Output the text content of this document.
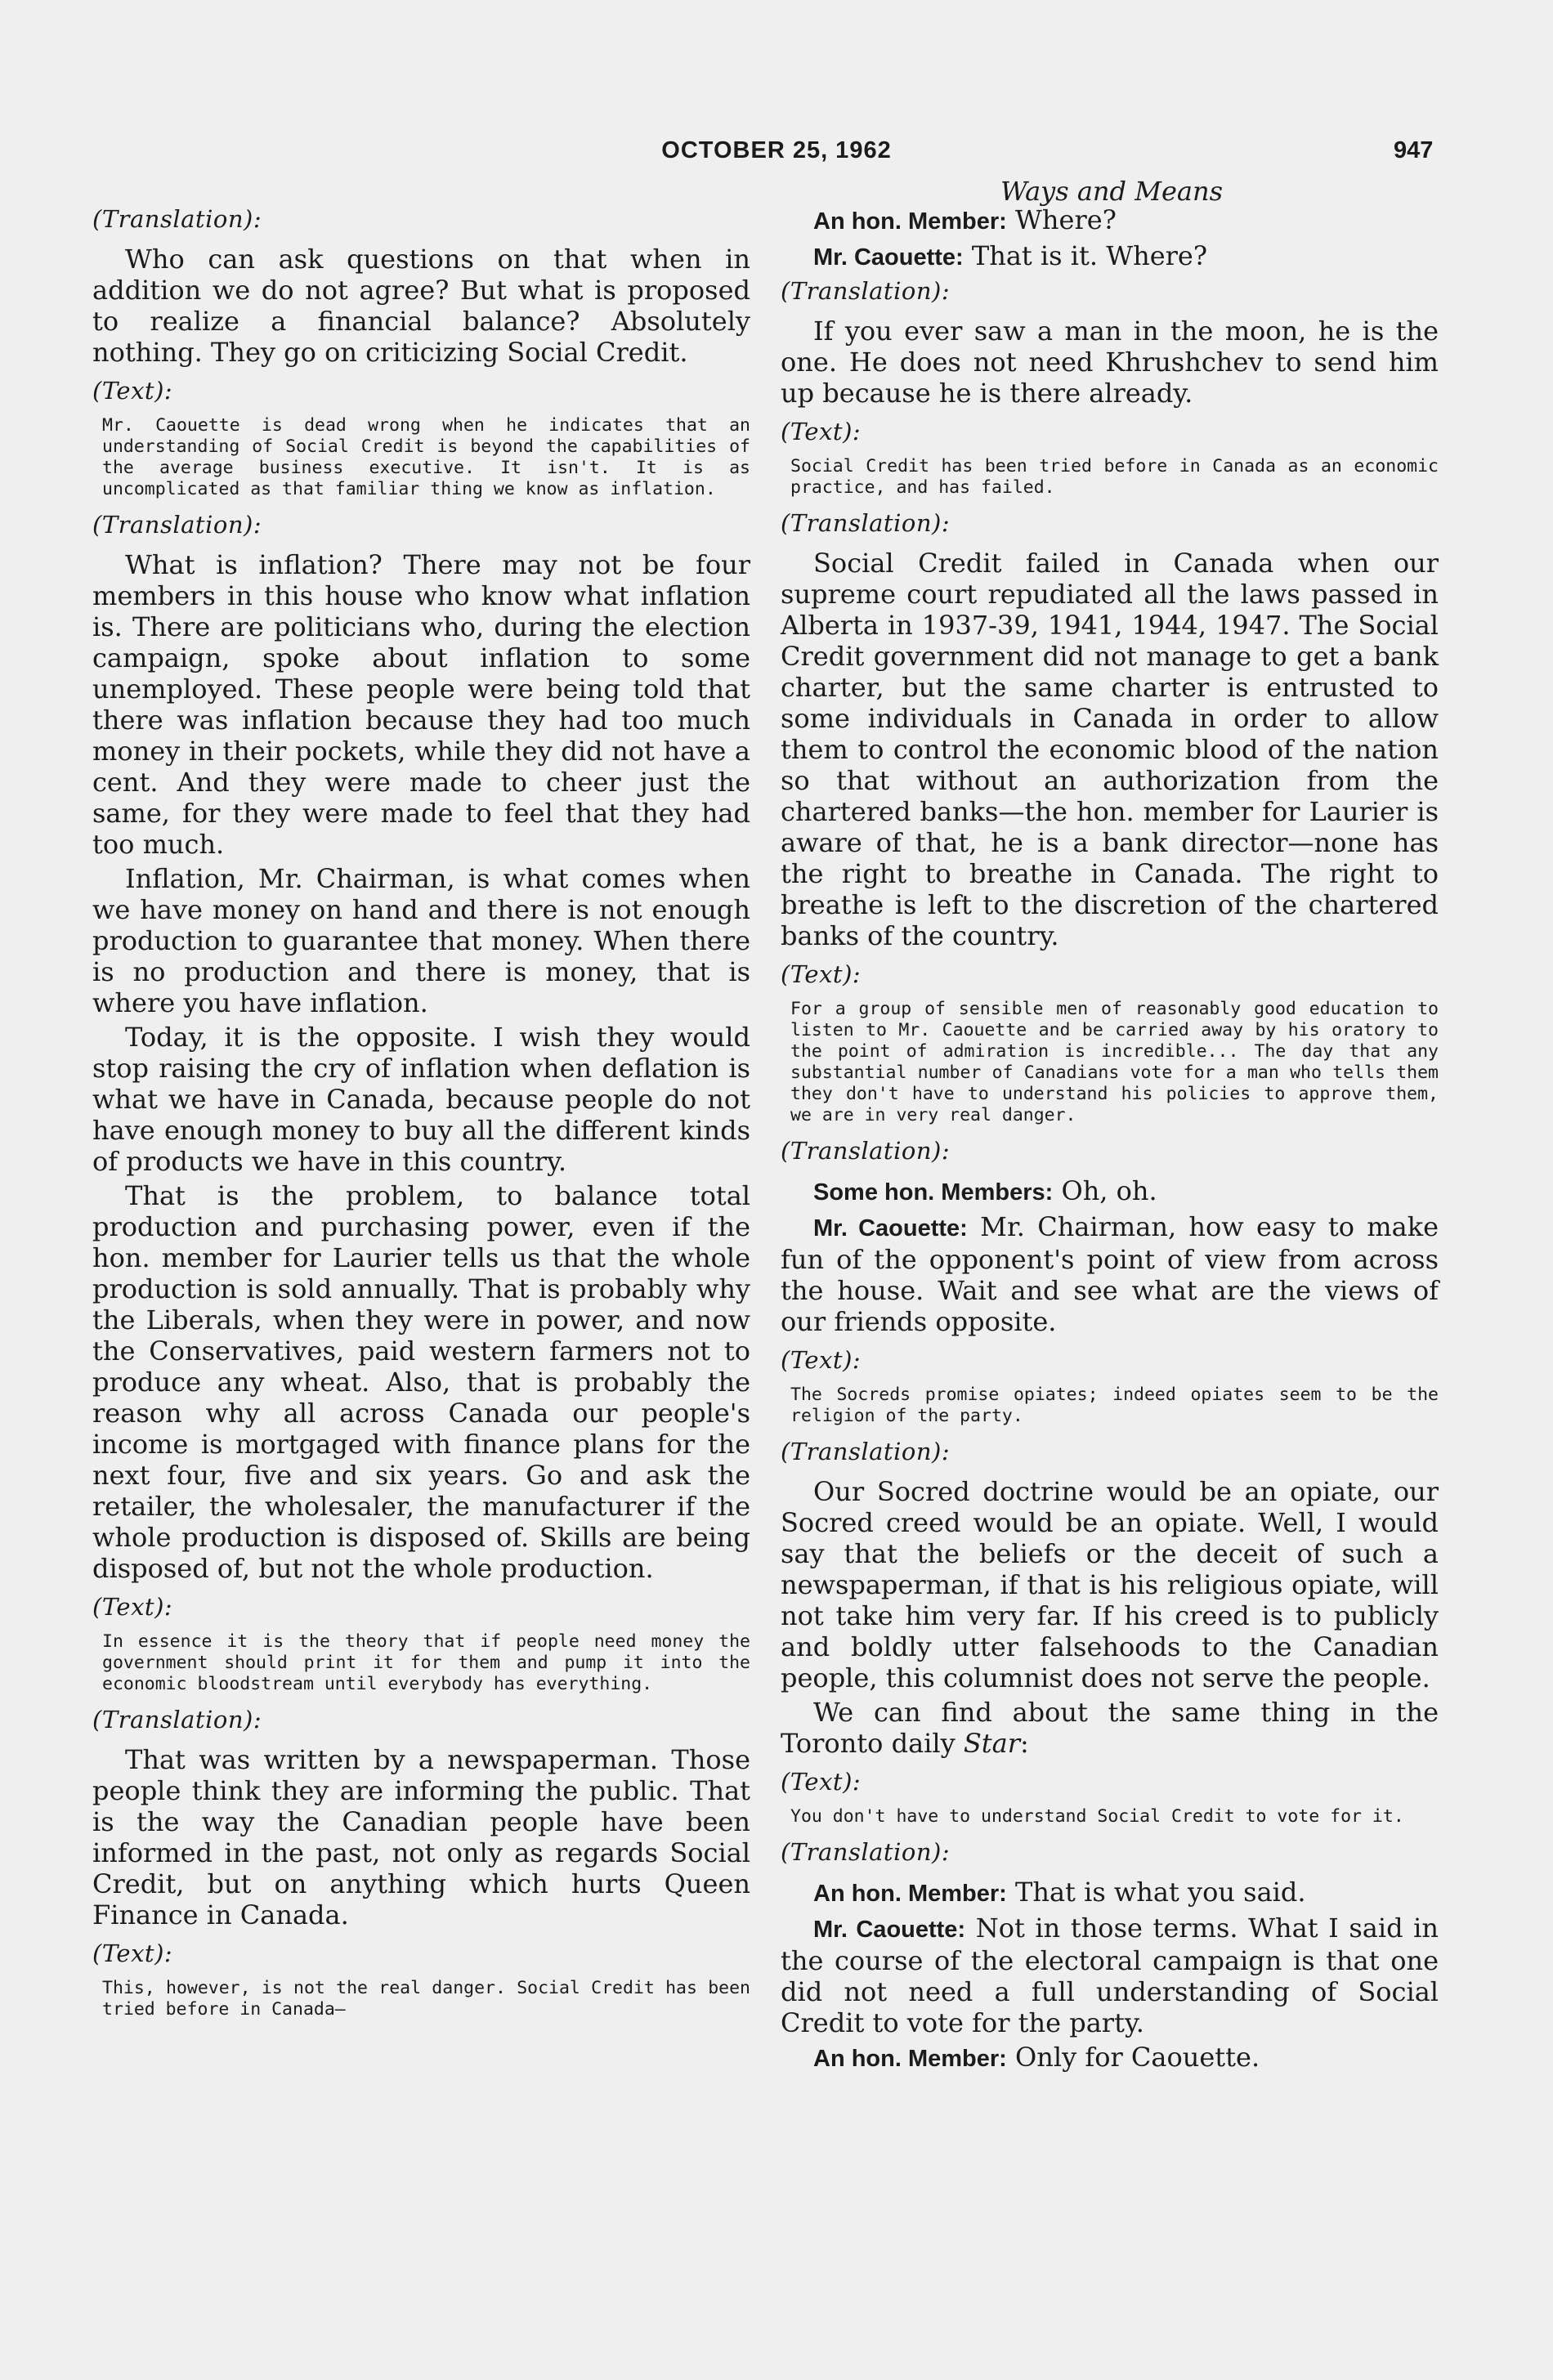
OCTOBER 25, 1962	947
Ways and Means

(Translation):

Who can ask questions on that when in addition we do not agree? But what is proposed to realize a financial balance? Absolutely nothing. They go on criticizing Social Credit.

(Text):

Mr. Caouette is dead wrong when he indicates that an understanding of Social Credit is beyond the capabilities of the average business executive. It isn't. It is as uncomplicated as that familiar thing we know as inflation.

(Translation):

What is inflation? There may not be four members in this house who know what inflation is. There are politicians who, during the election campaign, spoke about inflation to some unemployed. These people were being told that there was inflation because they had too much money in their pockets, while they did not have a cent. And they were made to cheer just the same, for they were made to feel that they had too much.

Inflation, Mr. Chairman, is what comes when we have money on hand and there is not enough production to guarantee that money. When there is no production and there is money, that is where you have inflation.

Today, it is the opposite. I wish they would stop raising the cry of inflation when deflation is what we have in Canada, because people do not have enough money to buy all the different kinds of products we have in this country.

That is the problem, to balance total production and purchasing power, even if the hon. member for Laurier tells us that the whole production is sold annually. That is probably why the Liberals, when they were in power, and now the Conservatives, paid western farmers not to produce any wheat. Also, that is probably the reason why all across Canada our people's income is mortgaged with finance plans for the next four, five and six years. Go and ask the retailer, the wholesaler, the manufacturer if the whole production is disposed of. Skills are being disposed of, but not the whole production.

(Text):

In essence it is the theory that if people need money the government should print it for them and pump it into the economic bloodstream until everybody has everything.

(Translation):

That was written by a newspaperman. Those people think they are informing the public. That is the way the Canadian people have been informed in the past, not only as regards Social Credit, but on anything which hurts Queen Finance in Canada.

(Text):

This, however, is not the real danger. Social Credit has been tried before in Canada—

An hon. Member: Where?

Mr. Caouette: That is it. Where?

(Translation):

If you ever saw a man in the moon, he is the one. He does not need Khrushchev to send him up because he is there already.

(Text):

Social Credit has been tried before in Canada as an economic practice, and has failed.

(Translation):

Social Credit failed in Canada when our supreme court repudiated all the laws passed in Alberta in 1937-39, 1941, 1944, 1947. The Social Credit government did not manage to get a bank charter, but the same charter is entrusted to some individuals in Canada in order to allow them to control the economic blood of the nation so that without an authorization from the chartered banks—the hon. member for Laurier is aware of that, he is a bank director—none has the right to breathe in Canada. The right to breathe is left to the discretion of the chartered banks of the country.

(Text):

For a group of sensible men of reasonably good education to listen to Mr. Caouette and be carried away by his oratory to the point of admiration is incredible... The day that any substantial number of Canadians vote for a man who tells them they don't have to understand his policies to approve them, we are in very real danger.

(Translation):

Some hon. Members: Oh, oh.

Mr. Caouette: Mr. Chairman, how easy to make fun of the opponent's point of view from across the house. Wait and see what are the views of our friends opposite.

(Text):

The Socreds promise opiates; indeed opiates seem to be the religion of the party.

(Translation):

Our Socred doctrine would be an opiate, our Socred creed would be an opiate. Well, I would say that the beliefs or the deceit of such a newspaperman, if that is his religious opiate, will not take him very far. If his creed is to publicly and boldly utter falsehoods to the Canadian people, this columnist does not serve the people.

We can find about the same thing in the Toronto daily Star:

(Text):

You don't have to understand Social Credit to vote for it.

(Translation):

An hon. Member: That is what you said.

Mr. Caouette: Not in those terms. What I said in the course of the electoral campaign is that one did not need a full understanding of Social Credit to vote for the party.

An hon. Member: Only for Caouette.
